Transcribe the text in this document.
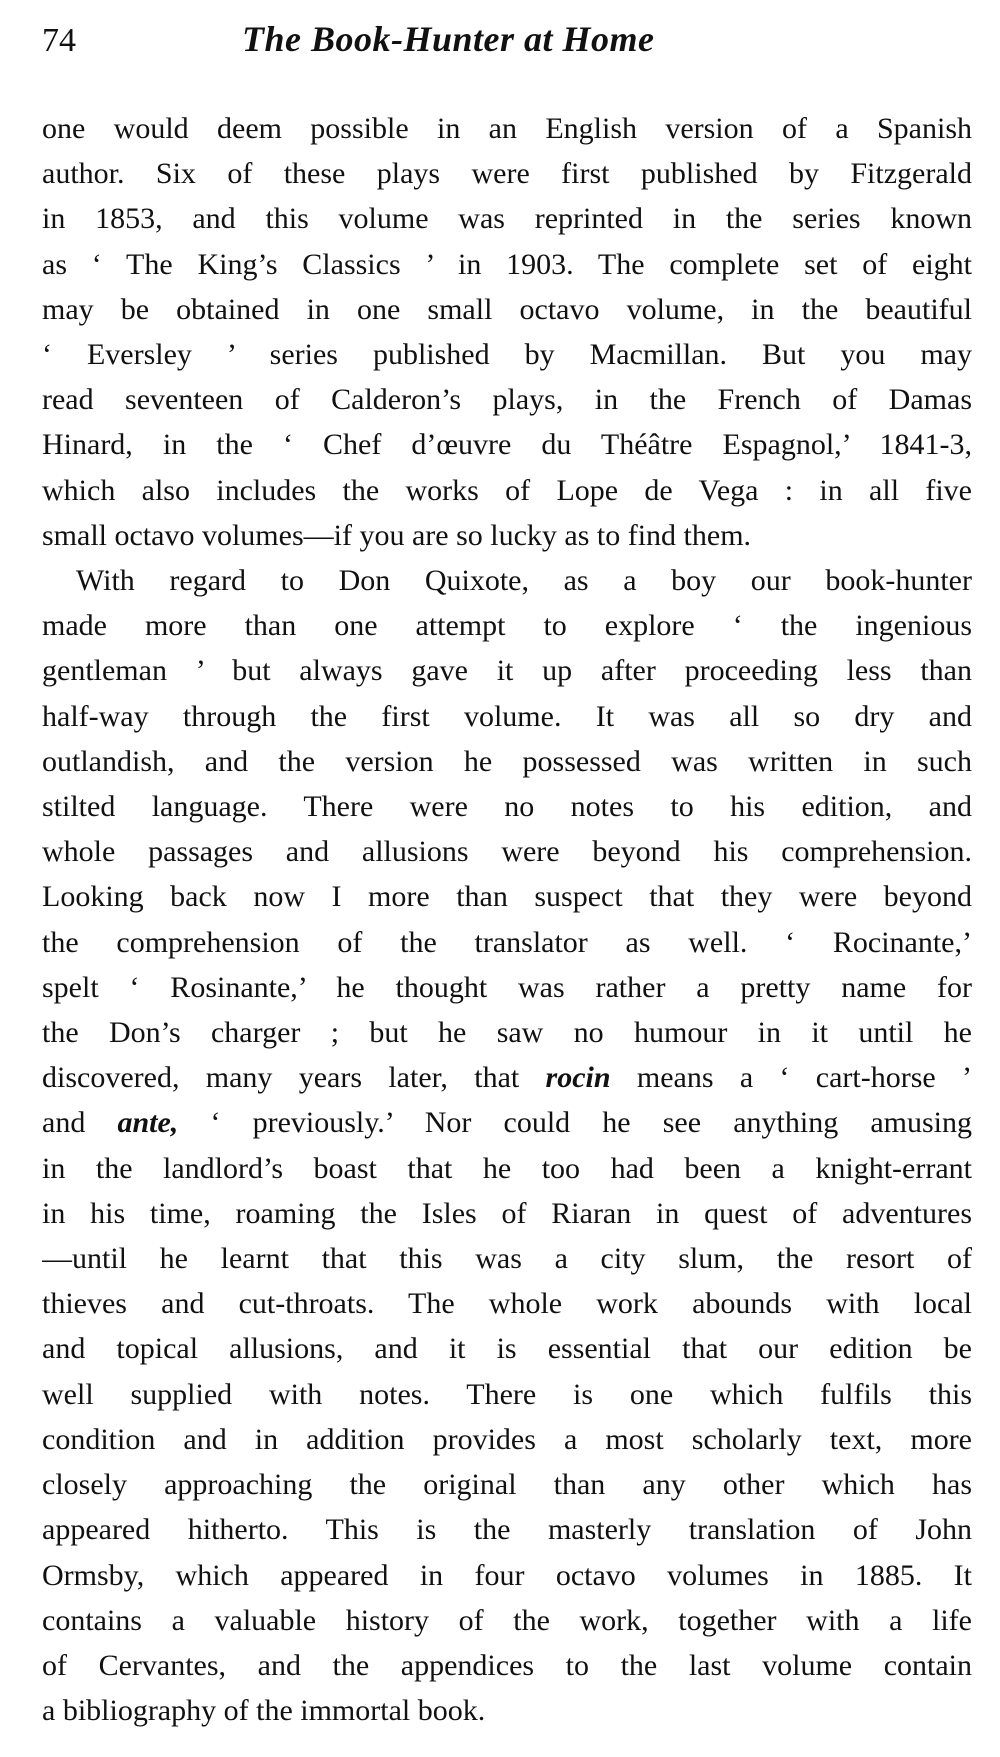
74	The Book-Hunter at Home
one would deem possible in an English version of a Spanish
author. Six of these plays were first published by Fitzgerald
in 1853, and this volume was reprinted in the series known
as ‘ The King’s Classics ’ in 1903. The complete set of eight
may be obtained in one small octavo volume, in the beautiful
‘ Eversley ’ series published by Macmillan. But you may
read seventeen of Calderon’s plays, in the French of Damas
Hinard, in the ‘ Chef d’œuvre du Théâtre Espagnol,’ 1841-3,
which also includes the works of Lope de Vega : in all five
small octavo volumes—if you are so lucky as to find them.
With regard to Don Quixote, as a boy our book-hunter
made more than one attempt to explore ‘ the ingenious
gentleman ’ but always gave it up after proceeding less than
half-way through the first volume. It was all so dry and
outlandish, and the version he possessed was written in such
stilted language. There were no notes to his edition, and
whole passages and allusions were beyond his comprehension.
Looking back now I more than suspect that they were beyond
the comprehension of the translator as well. ‘ Rocinante,’
spelt ‘ Rosinante,’ he thought was rather a pretty name for
the Don’s charger ; but he saw no humour in it until he
discovered, many years later, that rocin means a ‘ cart-horse ’
and ante, ‘ previously.’ Nor could he see anything amusing
in the landlord’s boast that he too had been a knight-errant
in his time, roaming the Isles of Riaran in quest of adventures
—until he learnt that this was a city slum, the resort of
thieves and cut-throats. The whole work abounds with local
and topical allusions, and it is essential that our edition be
well supplied with notes. There is one which fulfils this
condition and in addition provides a most scholarly text, more
closely approaching the original than any other which has
appeared hitherto. This is the masterly translation of John
Ormsby, which appeared in four octavo volumes in 1885. It
contains a valuable history of the work, together with a life
of Cervantes, and the appendices to the last volume contain
a bibliography of the immortal book.
